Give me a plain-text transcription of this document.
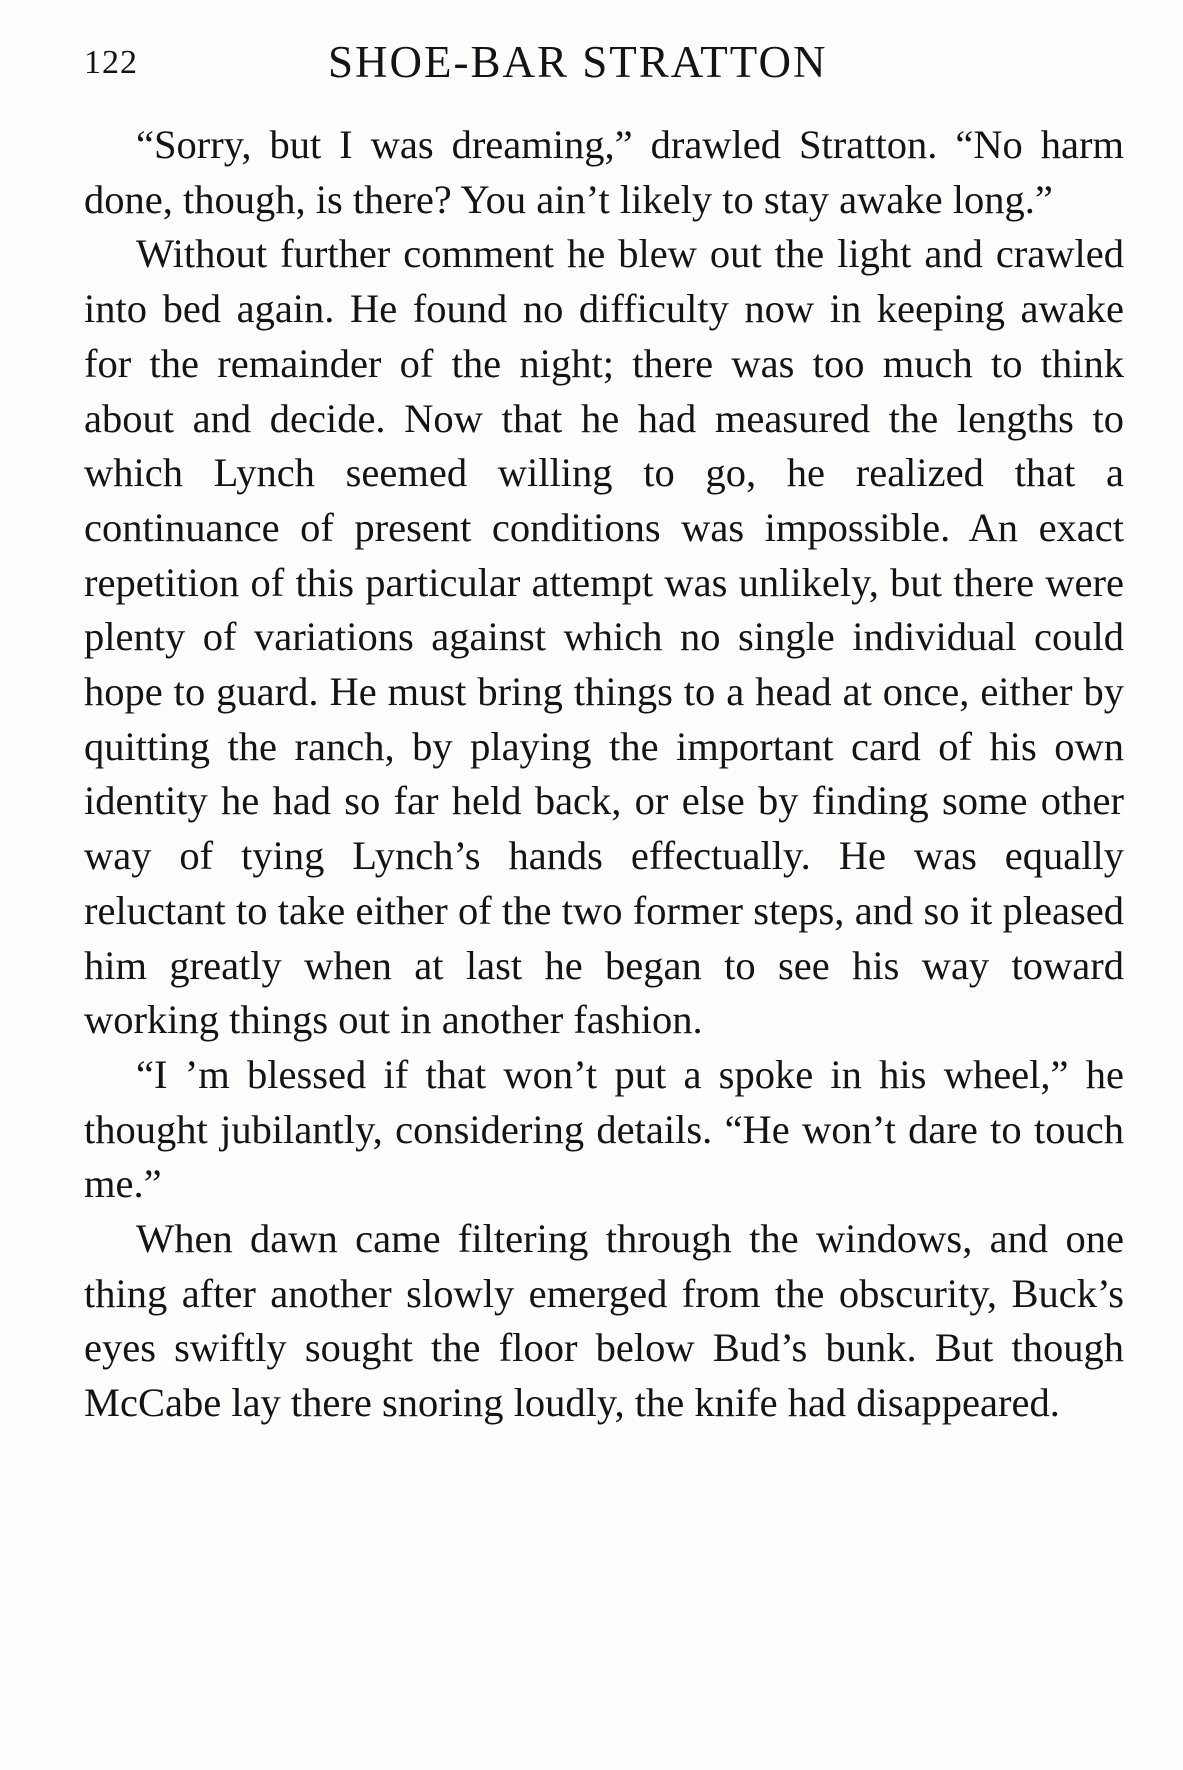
122	SHOE-BAR STRATTON

“Sorry, but I was dreaming,” drawled Stratton. “No harm done, though, is there? You ain’t likely to stay awake long.”

Without further comment he blew out the light and crawled into bed again. He found no difficulty now in keeping awake for the remainder of the night; there was too much to think about and decide. Now that he had measured the lengths to which Lynch seemed willing to go, he realized that a continuance of present conditions was impossible. An exact repetition of this particular attempt was unlikely, but there were plenty of variations against which no single individual could hope to guard. He must bring things to a head at once, either by quitting the ranch, by playing the important card of his own identity he had so far held back, or else by finding some other way of tying Lynch’s hands effectually. He was equally reluctant to take either of the two former steps, and so it pleased him greatly when at last he began to see his way toward working things out in another fashion.

“I ’m blessed if that won’t put a spoke in his wheel,” he thought jubilantly, considering details. “He won’t dare to touch me.”

When dawn came filtering through the windows, and one thing after another slowly emerged from the obscurity, Buck’s eyes swiftly sought the floor below Bud’s bunk. But though McCabe lay there snoring loudly, the knife had disappeared.
